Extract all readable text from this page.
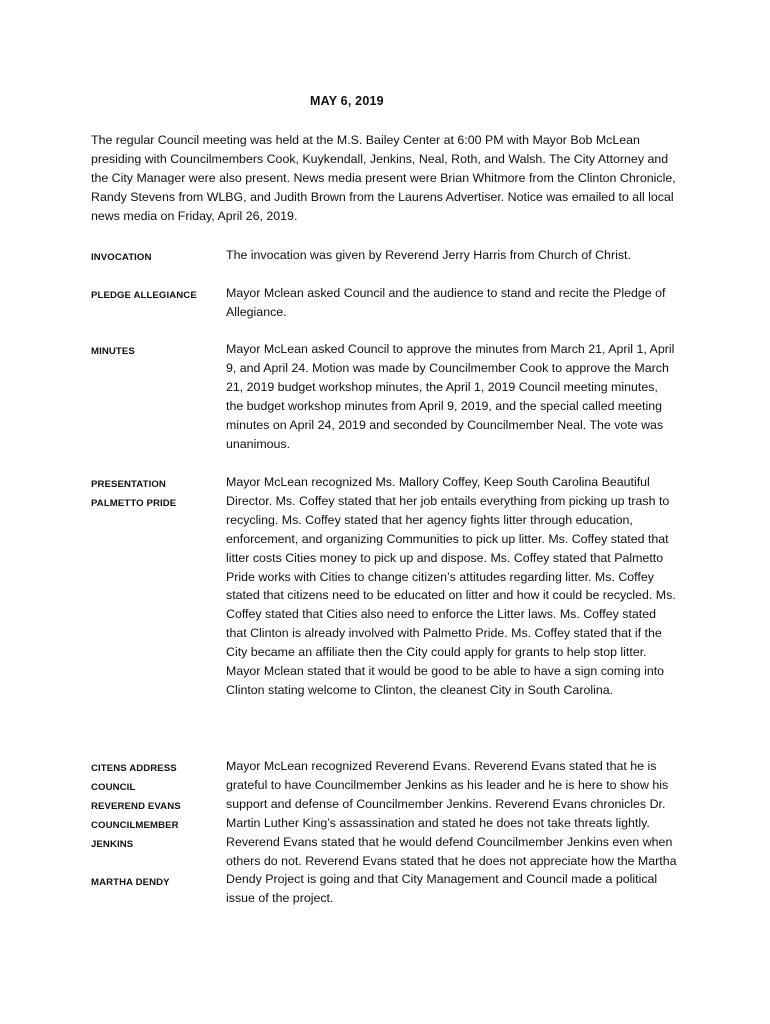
MAY 6, 2019

The regular Council meeting was held at the M.S. Bailey Center at 6:00 PM with Mayor Bob McLean presiding with Councilmembers Cook, Kuykendall, Jenkins, Neal, Roth, and Walsh. The City Attorney and the City Manager were also present. News media present were Brian Whitmore from the Clinton Chronicle, Randy Stevens from WLBG, and Judith Brown from the Laurens Advertiser. Notice was emailed to all local news media on Friday, April 26, 2019.

INVOCATION	The invocation was given by Reverend Jerry Harris from Church of Christ.

PLEDGE ALLEGIANCE	Mayor Mclean asked Council and the audience to stand and recite the Pledge of Allegiance.

MINUTES	Mayor McLean asked Council to approve the minutes from March 21, April 1, April 9, and April 24. Motion was made by Councilmember Cook to approve the March 21, 2019 budget workshop minutes, the April 1, 2019 Council meeting minutes, the budget workshop minutes from April 9, 2019, and the special called meeting minutes on April 24, 2019 and seconded by Councilmember Neal. The vote was unanimous.

PRESENTATION
PALMETTO PRIDE

Mayor McLean recognized Ms. Mallory Coffey, Keep South Carolina Beautiful Director. Ms. Coffey stated that her job entails everything from picking up trash to recycling. Ms. Coffey stated that her agency fights litter through education, enforcement, and organizing Communities to pick up litter. Ms. Coffey stated that litter costs Cities money to pick up and dispose. Ms. Coffey stated that Palmetto Pride works with Cities to change citizen’s attitudes regarding litter. Ms. Coffey stated that citizens need to be educated on litter and how it could be recycled. Ms. Coffey stated that Cities also need to enforce the Litter laws. Ms. Coffey stated that Clinton is already involved with Palmetto Pride. Ms. Coffey stated that if the City became an affiliate then the City could apply for grants to help stop litter. Mayor Mclean stated that it would be good to be able to have a sign coming into Clinton stating welcome to Clinton, the cleanest City in South Carolina.

CITENS ADDRESS
COUNCIL
REVEREND EVANS
COUNCILMEMBER
JENKINS
MARTHA DENDY

Mayor McLean recognized Reverend Evans. Reverend Evans stated that he is grateful to have Councilmember Jenkins as his leader and he is here to show his support and defense of Councilmember Jenkins. Reverend Evans chronicles Dr. Martin Luther King’s assassination and stated he does not take threats lightly. Reverend Evans stated that he would defend Councilmember Jenkins even when others do not. Reverend Evans stated that he does not appreciate how the Martha Dendy Project is going and that City Management and Council made a political issue of the project.
